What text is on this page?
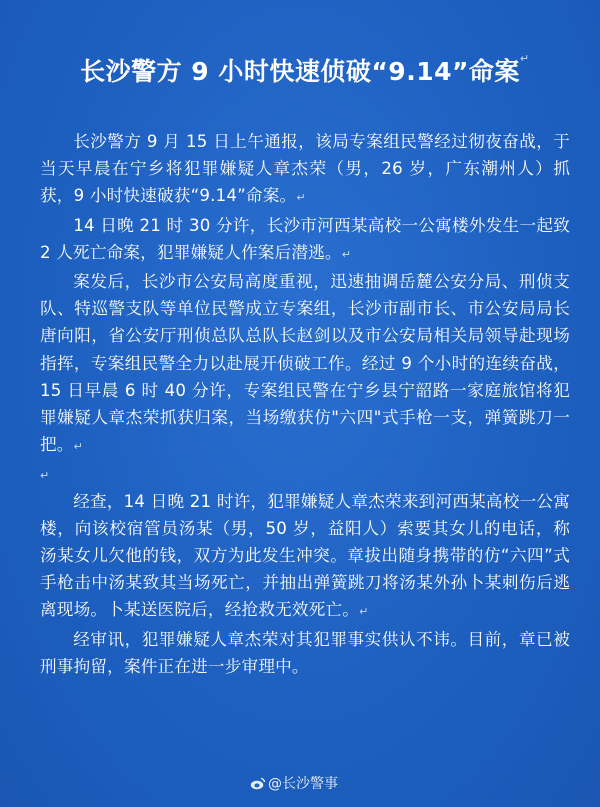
长沙警方 9 小时快速侦破“9.14”命案 ↵

长沙警方 9 月 15 日上午通报，该局专案组民警经过彻夜奋战，于当天早晨在宁乡将犯罪嫌疑人章杰荣（男，26 岁，广东潮州人）抓获，9 小时快速破获“9.14”命案。↵

14 日晚 21 时 30 分许，长沙市河西某高校一公寓楼外发生一起致 2 人死亡命案，犯罪嫌疑人作案后潜逃。↵

案发后，长沙市公安局高度重视，迅速抽调岳麓公安分局、刑侦支队、特巡警支队等单位民警成立专案组，长沙市副市长、市公安局局长唐向阳，省公安厅刑侦总队总队长赵剑以及市公安局相关局领导赴现场指挥，专案组民警全力以赴展开侦破工作。经过 9 个小时的连续奋战，15 日早晨 6 时 40 分许，专案组民警在宁乡县宁韶路一家庭旅馆将犯罪嫌疑人章杰荣抓获归案，当场缴获仿"六四"式手枪一支，弹簧跳刀一把。↵

↵

经查，14 日晚 21 时许，犯罪嫌疑人章杰荣来到河西某高校一公寓楼，向该校宿管员汤某（男，50 岁，益阳人）索要其女儿的电话，称汤某女儿欠他的钱，双方为此发生冲突。章拔出随身携带的仿“六四”式手枪击中汤某致其当场死亡，并抽出弹簧跳刀将汤某外孙卜某刺伤后逃离现场。卜某送医院后，经抢救无效死亡。↵

经审讯，犯罪嫌疑人章杰荣对其犯罪事实供认不讳。目前，章已被刑事拘留，案件正在进一步审理中。

@长沙警事
